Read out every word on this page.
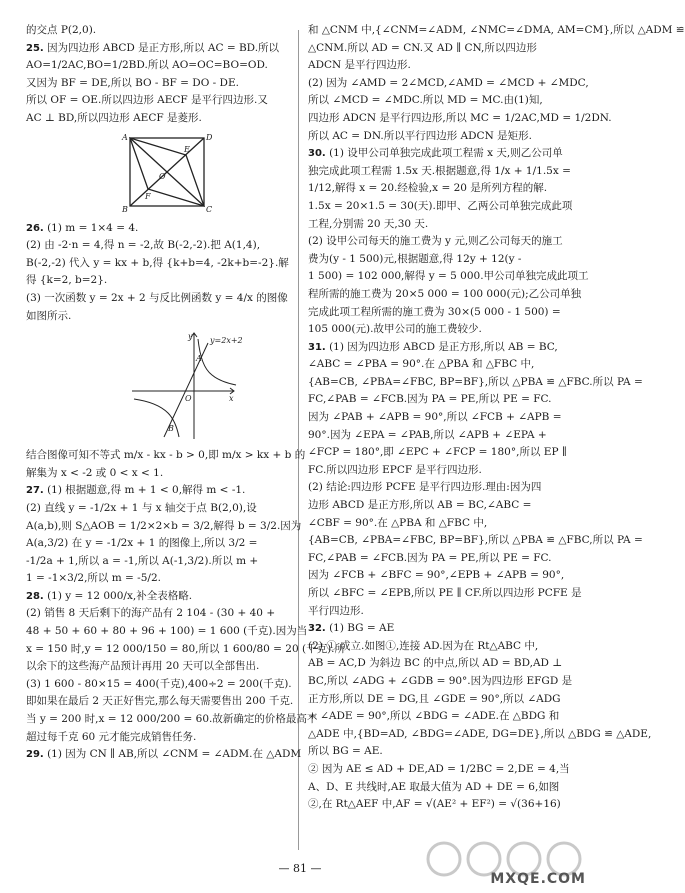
的交点 P(2,0).
25. 因为四边形 ABCD 是正方形,所以 AC = BD.所以
AO=1/2AC,BO=1/2BD.所以 AO=OC=BO=OD.
又因为 BF = DE,所以 BO - BF = DO - DE.
所以 OF = OE.所以四边形 AECF 是平行四边形.又
AC ⊥ BD,所以四边形 AECF 是菱形.
A	D
E
O
F
B	C
26. (1) m = 1×4 = 4.
(2) 由 -2·n = 4,得 n = -2,故 B(-2,-2).把 A(1,4),
B(-2,-2) 代入 y = kx + b,得 {k+b=4, -2k+b=-2}.解
得 {k=2, b=2}.
(3) 一次函数 y = 2x + 2 与反比例函数 y = 4/x 的图像
如图所示.
y y=2x+2
A
x
O
B
结合图像可知不等式 m/x - kx - b > 0,即 m/x > kx + b 的
解集为 x < -2 或 0 < x < 1.
27. (1) 根据题意,得 m + 1 < 0,解得 m < -1.
(2) 直线 y = -1/2x + 1 与 x 轴交于点 B(2,0),设
A(a,b),则 S△AOB = 1/2×2×b = 3/2,解得 b = 3/2.因为
A(a,3/2) 在 y = -1/2x + 1 的图像上,所以 3/2 =
-1/2a + 1,所以 a = -1,所以 A(-1,3/2).所以 m +
1 = -1×3/2,所以 m = -5/2.
28. (1) y = 12 000/x,补全表格略.
(2) 销售 8 天后剩下的海产品有 2 104 - (30 + 40 +
48 + 50 + 60 + 80 + 96 + 100) = 1 600 (千克).因为当
x = 150 时,y = 12 000/150 = 80,所以 1 600/80 = 20 (千克).所
以余下的这些海产品预计再用 20 天可以全部售出.
(3) 1 600 - 80×15 = 400(千克),400÷2 = 200(千克).
即如果在最后 2 天正好售完,那么每天需要售出 200 千克.
当 y = 200 时,x = 12 000/200 = 60.故新确定的价格最高不
超过每千克 60 元才能完成销售任务.
29. (1) 因为 CN ∥ AB,所以 ∠CNM = ∠ADM.在 △ADM
和 △CNM 中,{∠CNM=∠ADM, ∠NMC=∠DMA, AM=CM},所以 △ADM ≌
△CNM.所以 AD = CN.又 AD ∥ CN,所以四边形
ADCN 是平行四边形.
(2) 因为 ∠AMD = 2∠MCD,∠AMD = ∠MCD + ∠MDC,
所以 ∠MCD = ∠MDC.所以 MD = MC.由(1)知,
四边形 ADCN 是平行四边形,所以 MC = 1/2AC,MD = 1/2DN.
所以 AC = DN.所以平行四边形 ADCN 是矩形.
30. (1) 设甲公司单独完成此项工程需 x 天,则乙公司单
独完成此项工程需 1.5x 天.根据题意,得 1/x + 1/1.5x =
1/12,解得 x = 20.经检验,x = 20 是所列方程的解.
1.5x = 20×1.5 = 30(天).即甲、乙两公司单独完成此项
工程,分别需 20 天,30 天.
(2) 设甲公司每天的施工费为 y 元,则乙公司每天的施工
费为(y - 1 500)元,根据题意,得 12y + 12(y -
1 500) = 102 000,解得 y = 5 000.甲公司单独完成此项工
程所需的施工费为 20×5 000 = 100 000(元);乙公司单独
完成此项工程所需的施工费为 30×(5 000 - 1 500) =
105 000(元).故甲公司的施工费较少.
31. (1) 因为四边形 ABCD 是正方形,所以 AB = BC,
∠ABC = ∠PBA = 90°.在 △PBA 和 △FBC 中,
{AB=CB, ∠PBA=∠FBC, BP=BF},所以 △PBA ≌ △FBC.所以 PA =
FC,∠PAB = ∠FCB.因为 PA = PE,所以 PE = FC.
因为 ∠PAB + ∠APB = 90°,所以 ∠FCB + ∠APB =
90°.因为 ∠EPA = ∠PAB,所以 ∠APB + ∠EPA +
∠FCP = 180°,即 ∠EPC + ∠FCP = 180°,所以 EP ∥
FC.所以四边形 EPCF 是平行四边形.
(2) 结论:四边形 PCFE 是平行四边形.理由:因为四
边形 ABCD 是正方形,所以 AB = BC,∠ABC =
∠CBF = 90°.在 △PBA 和 △FBC 中,
{AB=CB, ∠PBA=∠FBC, BP=BF},所以 △PBA ≌ △FBC,所以 PA =
FC,∠PAB = ∠FCB.因为 PA = PE,所以 PE = FC.
因为 ∠FCB + ∠BFC = 90°,∠EPB + ∠APB = 90°,
所以 ∠BFC = ∠EPB,所以 PE ∥ CF.所以四边形 PCFE 是
平行四边形.
32. (1) BG = AE
(2) ① 成立.如图①,连接 AD.因为在 Rt△ABC 中,
AB = AC,D 为斜边 BC 的中点,所以 AD = BD,AD ⊥
BC,所以 ∠ADG + ∠GDB = 90°.因为四边形 EFGD 是
正方形,所以 DE = DG,且 ∠GDE = 90°,所以 ∠ADG
+ ∠ADE = 90°,所以 ∠BDG = ∠ADE.在 △BDG 和
△ADE 中,{BD=AD, ∠BDG=∠ADE, DG=DE},所以 △BDG ≌ △ADE,
所以 BG = AE.
② 因为 AE ≤ AD + DE,AD = 1/2BC = 2,DE = 4,当
A、D、E 共线时,AE 取最大值为 AD + DE = 6,如图
②,在 Rt△AEF 中,AF = √(AE² + EF²) = √(36+16)
— 81 —
MXQE.COM
